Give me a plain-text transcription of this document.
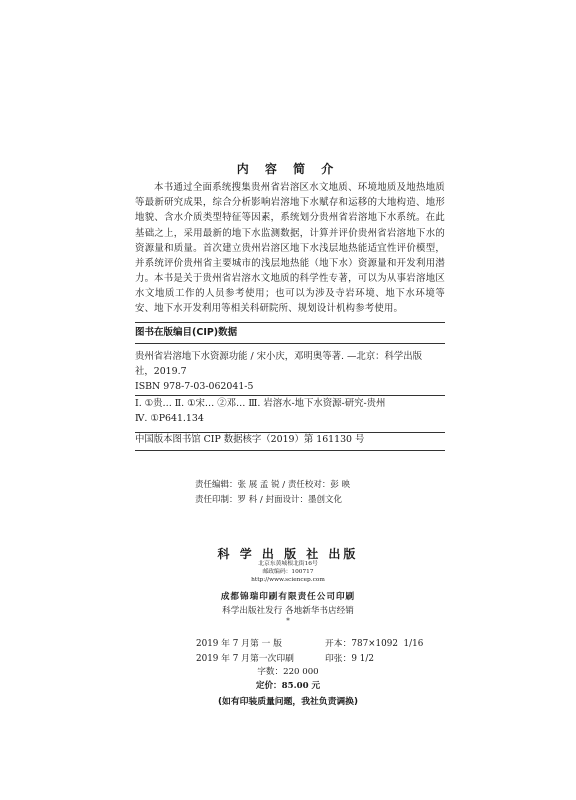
内 容 简 介

本书通过全面系统搜集贵州省岩溶区水文地质、环境地质及地热地质等最新研究成果，综合分析影响岩溶地下水赋存和运移的大地构造、地形地貌、含水介质类型特征等因素，系统划分贵州省岩溶地下水系统。在此基础之上，采用最新的地下水监测数据，计算并评价贵州省岩溶地下水的资源量和质量。首次建立贵州岩溶区地下水浅层地热能适宜性评价模型，并系统评价贵州省主要城市的浅层地热能（地下水）资源量和开发利用潜力。 本书是关于贵州省岩溶水文地质的科学性专著，可以为从事岩溶地区水文地质工作的人员参考使用；也可以为涉及寺岩环境、地下水环境等安、地下水开发利用等相关科研院所、规划设计机构参考使用。

图书在版编目(CIP)数据
贵州省岩溶地下水资源功能 / 宋小庆，邓明奥等著. —北京：科学出版
社，2019.7
ISBN 978-7-03-062041-5
Ⅰ. ①贵… Ⅱ. ①宋… ②邓… Ⅲ. 岩溶水-地下水资源-研究-贵州
Ⅳ. ①P641.134
中国版本图书馆 CIP 数据核字（2019）第 161130 号
责任编辑：张 展 孟 锐 / 责任校对：彭 映
责任印制：罗 科 / 封面设计：墨创文化
科 学 出 版 社 出版
北京东黄城根北街16号
邮政编码：100717
http://www.sciencep.com
成都锦瑞印刷有限责任公司印刷
科学出版社发行 各地新华书店经销
*
2019 年 7 月第 一 版	开本：787×1092  1/16
2019 年 7 月第一次印刷	印张：9 1/2
字数：220 000
定价：85.00 元
(如有印装质量问题，我社负责调换)
